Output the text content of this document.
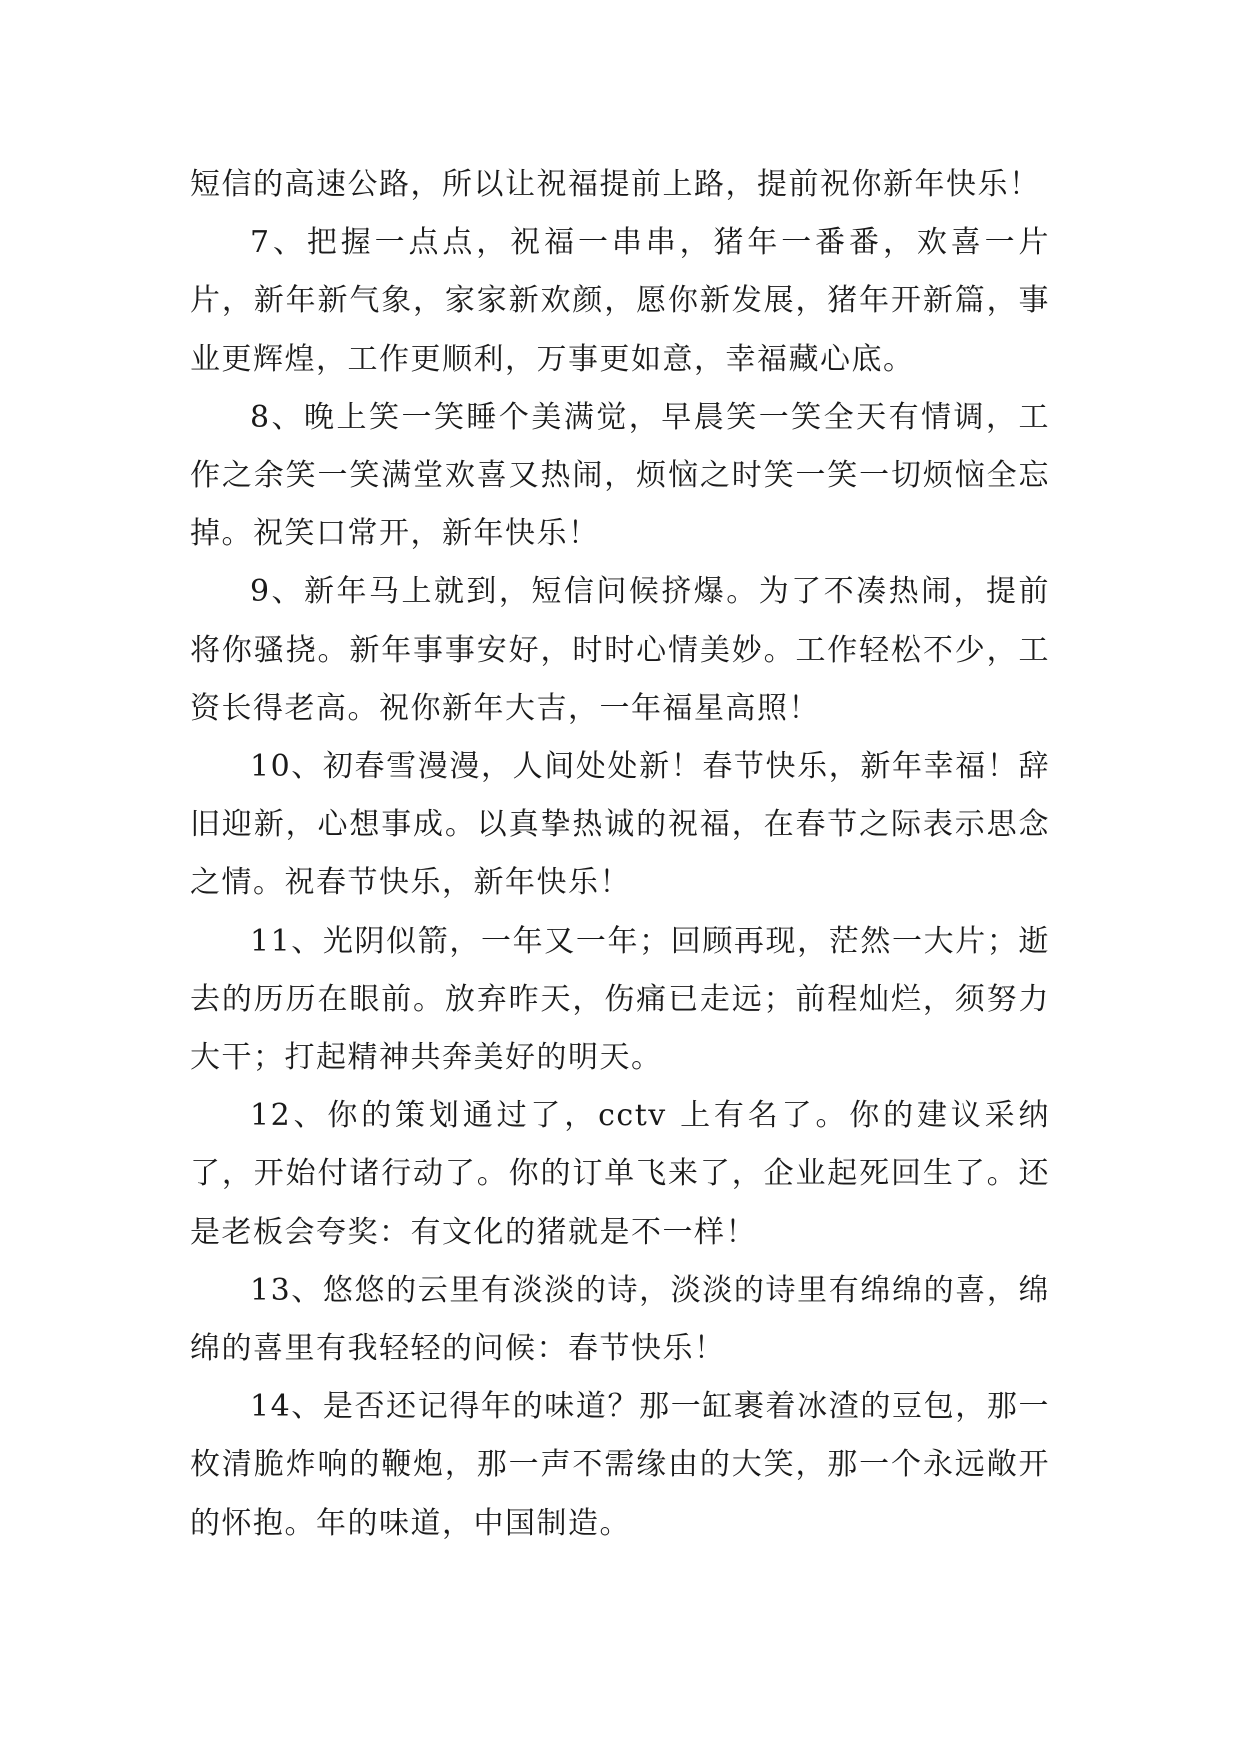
短信的高速公路，所以让祝福提前上路，提前祝你新年快乐！

7、把握一点点，祝福一串串，猪年一番番，欢喜一片片，新年新气象，家家新欢颜，愿你新发展，猪年开新篇，事业更辉煌，工作更顺利，万事更如意，幸福藏心底。

8、晚上笑一笑睡个美满觉，早晨笑一笑全天有情调，工作之余笑一笑满堂欢喜又热闹，烦恼之时笑一笑一切烦恼全忘掉。祝笑口常开，新年快乐！

9、新年马上就到，短信问候挤爆。为了不凑热闹，提前将你骚挠。新年事事安好，时时心情美妙。工作轻松不少，工资长得老高。祝你新年大吉，一年福星高照！

10、初春雪漫漫，人间处处新！春节快乐，新年幸福！辞旧迎新，心想事成。以真挚热诚的祝福，在春节之际表示思念之情。祝春节快乐，新年快乐！

11、光阴似箭，一年又一年；回顾再现，茫然一大片；逝去的历历在眼前。放弃昨天，伤痛已走远；前程灿烂，须努力大干；打起精神共奔美好的明天。

12、你的策划通过了，cctv 上有名了。你的建议采纳了，开始付诸行动了。你的订单飞来了，企业起死回生了。还是老板会夸奖：有文化的猪就是不一样！

13、悠悠的云里有淡淡的诗，淡淡的诗里有绵绵的喜，绵绵的喜里有我轻轻的问候：春节快乐！

14、是否还记得年的味道？那一缸裹着冰渣的豆包，那一枚清脆炸响的鞭炮，那一声不需缘由的大笑，那一个永远敞开的怀抱。年的味道，中国制造。
